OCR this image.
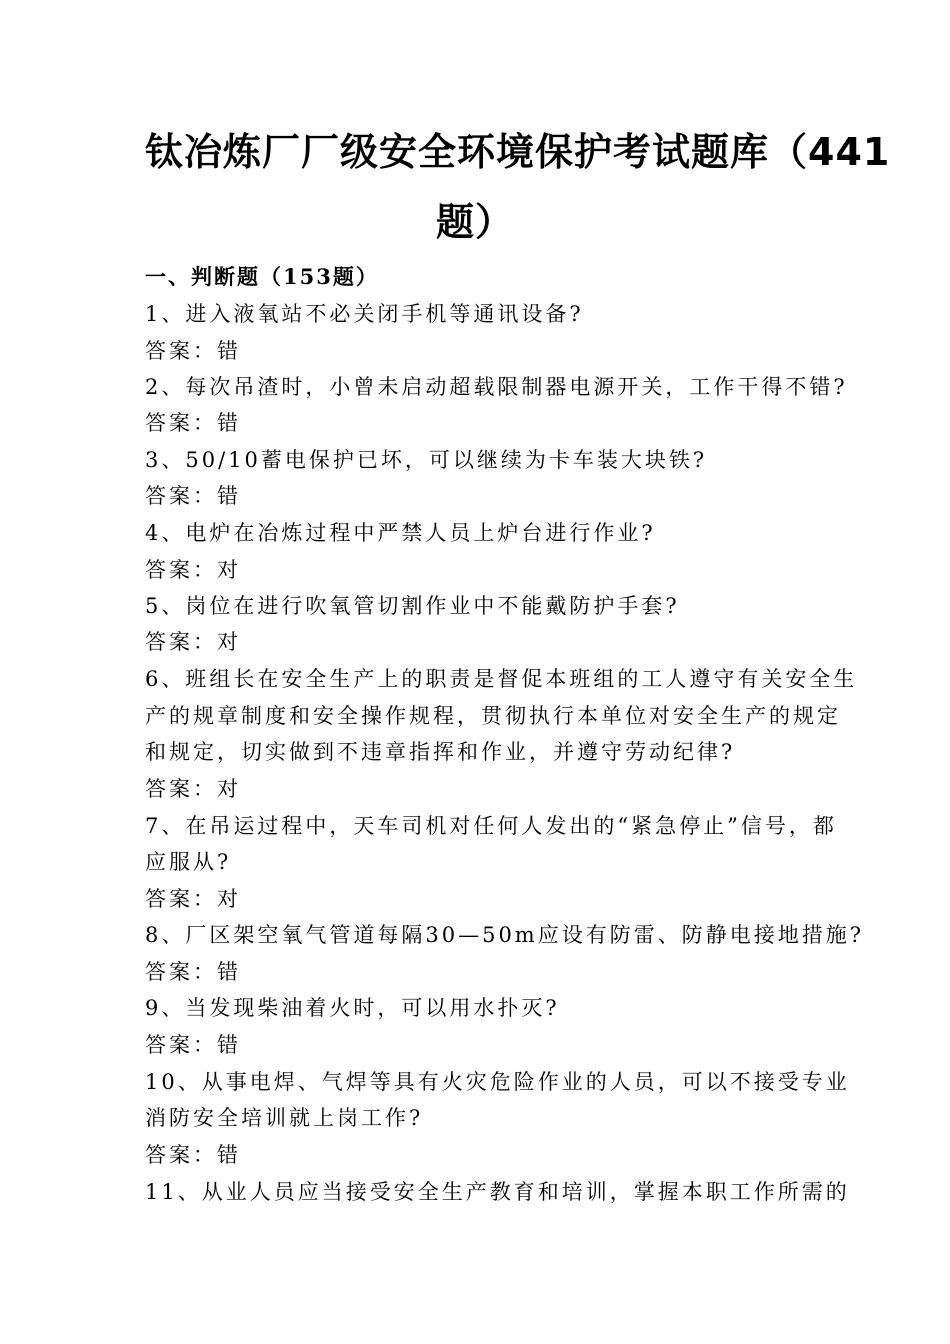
钛冶炼厂厂级安全环境保护考试题库（441
题）
一、判断题（153题）
1、进入液氧站不必关闭手机等通讯设备?
答案：错
2、每次吊渣时，小曾未启动超载限制器电源开关，工作干得不错?
答案：错
3、50/10蓄电保护已坏，可以继续为卡车装大块铁?
答案：错
4、电炉在冶炼过程中严禁人员上炉台进行作业?
答案：对
5、岗位在进行吹氧管切割作业中不能戴防护手套?
答案：对
6、班组长在安全生产上的职责是督促本班组的工人遵守有关安全生
产的规章制度和安全操作规程，贯彻执行本单位对安全生产的规定
和规定，切实做到不违章指挥和作业，并遵守劳动纪律?
答案：对
7、在吊运过程中，天车司机对任何人发出的“紧急停止”信号，都
应服从?
答案：对
8、厂区架空氧气管道每隔30—50m应设有防雷、防静电接地措施?
答案：错
9、当发现柴油着火时，可以用水扑灭?
答案：错
10、从事电焊、气焊等具有火灾危险作业的人员，可以不接受专业
消防安全培训就上岗工作?
答案：错
11、从业人员应当接受安全生产教育和培训，掌握本职工作所需的
